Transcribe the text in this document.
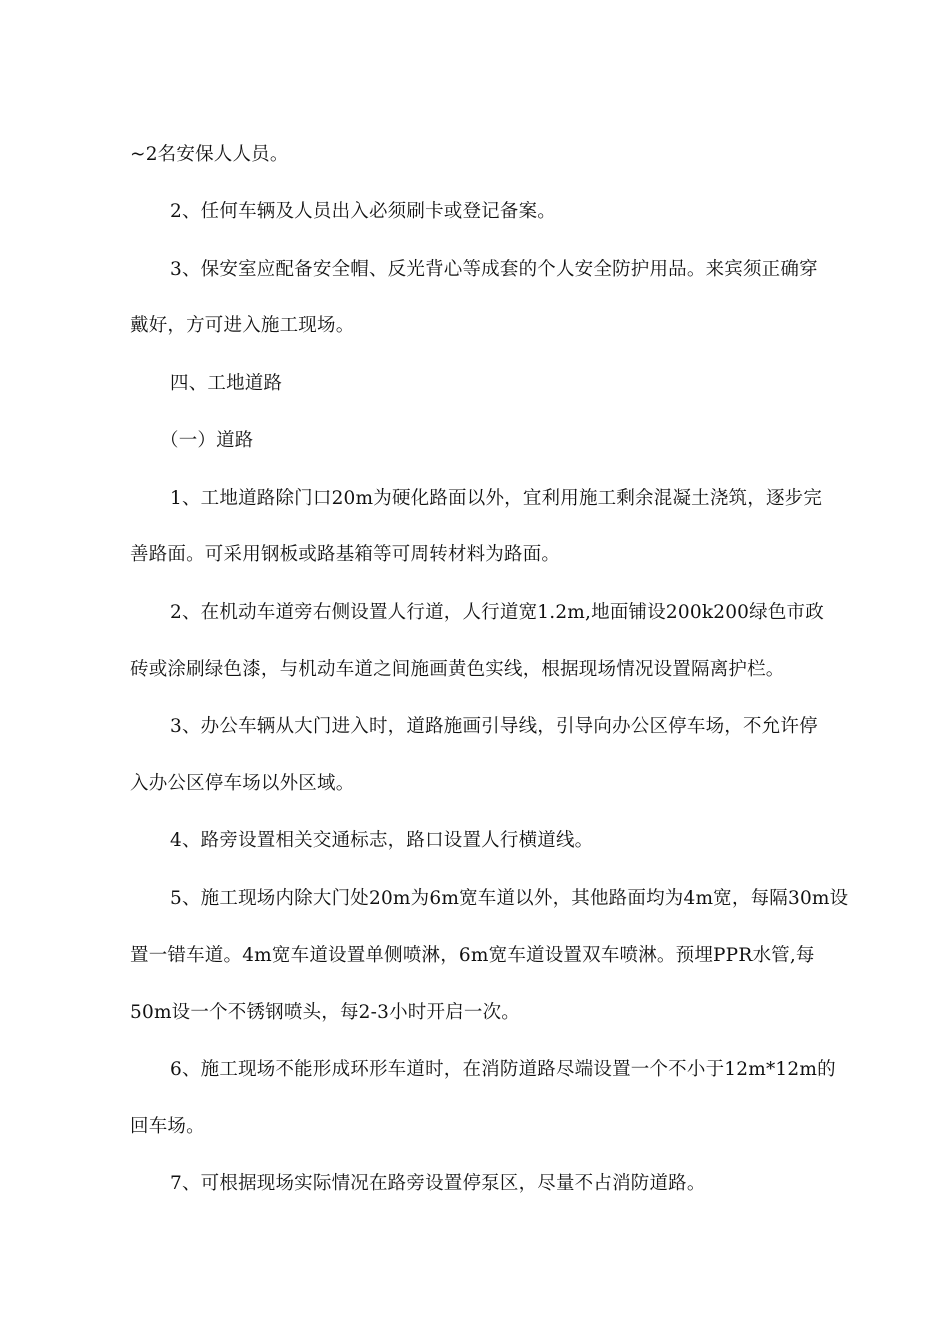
~2名安保人人员。
2、任何车辆及人员出入必须刷卡或登记备案。
3、保安室应配备安全帽、反光背心等成套的个人安全防护用品。来宾须正确穿
戴好，方可进入施工现场。
四、工地道路
（一）道路
1、工地道路除门口20m为硬化路面以外，宜利用施工剩余混凝土浇筑，逐步完
善路面。可采用钢板或路基箱等可周转材料为路面。
2、在机动车道旁右侧设置人行道，人行道宽1.2m,地面铺设200k200绿色市政
砖或涂刷绿色漆，与机动车道之间施画黄色实线，根据现场情况设置隔离护栏。
3、办公车辆从大门进入时，道路施画引导线，引导向办公区停车场，不允许停
入办公区停车场以外区域。
4、路旁设置相关交通标志，路口设置人行横道线。
5、施工现场内除大门处20m为6m宽车道以外，其他路面均为4m宽，每隔30m设
置一错车道。4m宽车道设置单侧喷淋，6m宽车道设置双车喷淋。预埋PPR水管,每
50m设一个不锈钢喷头，每2-3小时开启一次。
6、施工现场不能形成环形车道时，在消防道路尽端设置一个不小于12m*12m的
回车场。
7、可根据现场实际情况在路旁设置停泵区，尽量不占消防道路。
